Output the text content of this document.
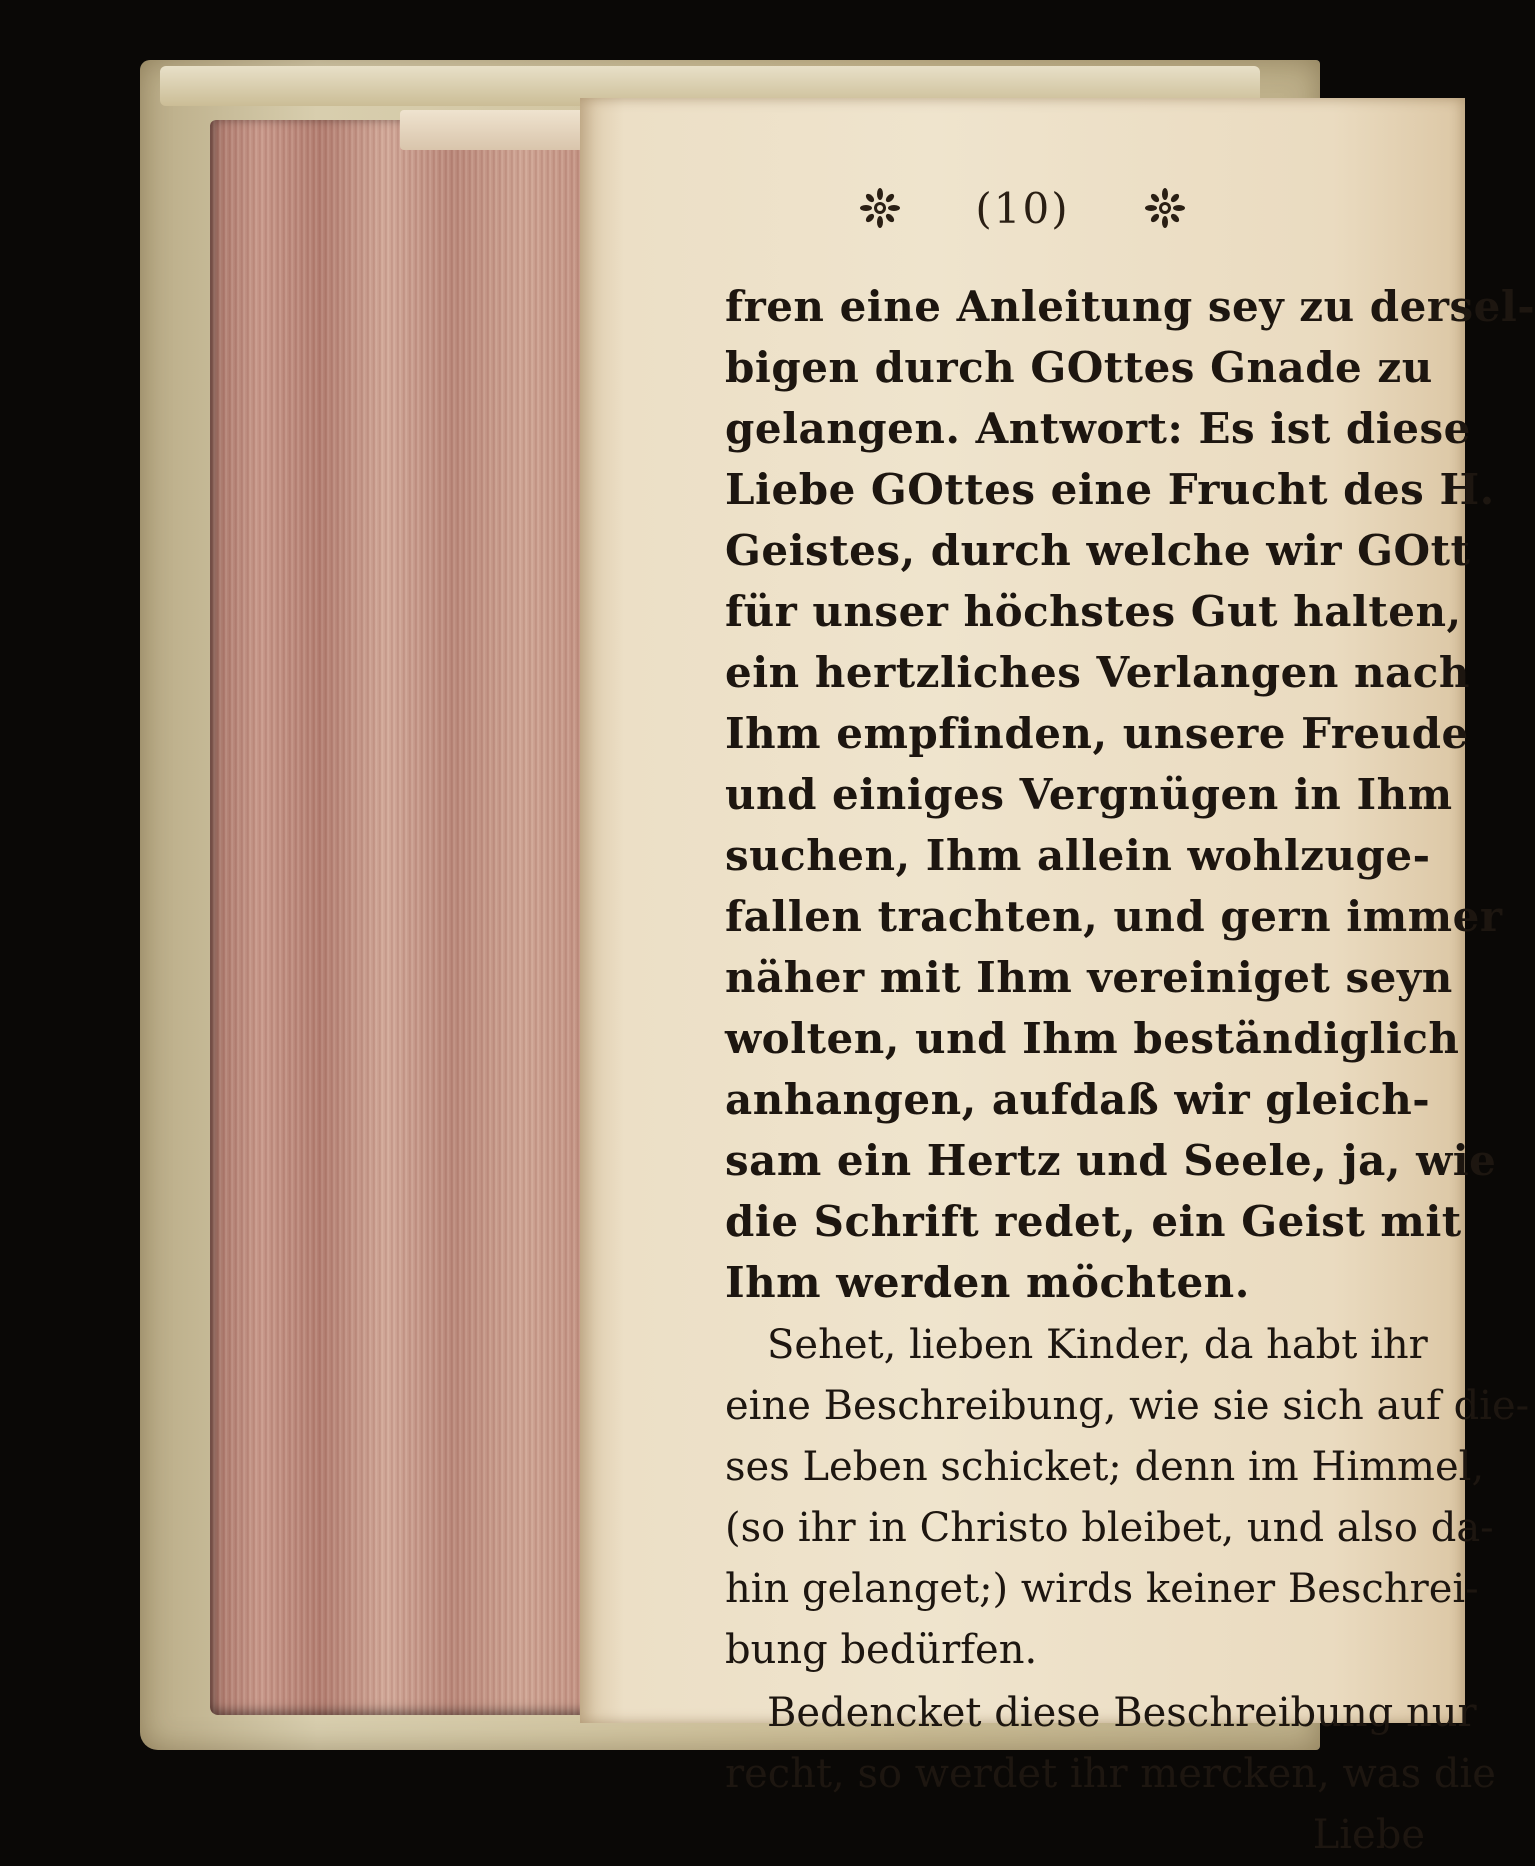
(10)
fren eine Anleitung sey zu dersel-
bigen durch GOttes Gnade zu
gelangen. Antwort: Es ist diese
Liebe GOttes eine Frucht des H.
Geistes, durch welche wir GOtt
für unser höchstes Gut halten,
ein hertzliches Verlangen nach
Ihm empfinden, unsere Freude
und einiges Vergnügen in Ihm
suchen, Ihm allein wohlzuge-
fallen trachten, und gern immer
näher mit Ihm vereiniget seyn
wolten, und Ihm beständiglich
anhangen, aufdaß wir gleich-
sam ein Hertz und Seele, ja, wie
die Schrift redet, ein Geist mit
Ihm werden möchten.
Sehet, lieben Kinder, da habt ihr
eine Beschreibung, wie sie sich auf die-
ses Leben schicket; denn im Himmel,
(so ihr in Christo bleibet, und also da-
hin gelanget;) wirds keiner Beschrei-
bung bedürfen.
Bedencket diese Beschreibung nur
recht, so werdet ihr mercken, was die
Liebe
